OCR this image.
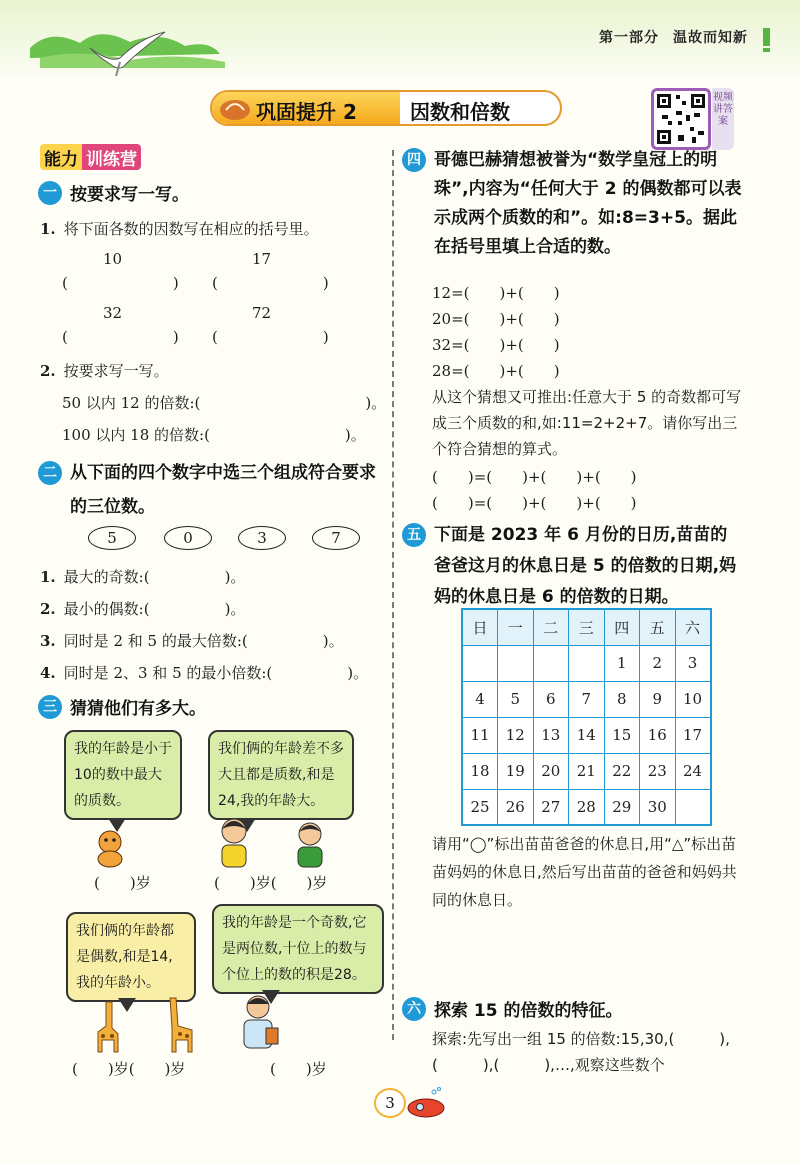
第一部分 温故而知新
巩固提升 2	因数和倍数
视频讲答案
能力 训练营
一 按要求写一写。
1. 将下面各数的因数写在相应的括号里。
10	17
(　　　　　　　) (　　　　　　　)
32	72
(　　　　　　　) (　　　　　　　)
2. 按要求写一写。
50 以内 12 的倍数:(　　　　　　　　　　　)。
100 以内 18 的倍数:(　　　　　　　　　)。
二 从下面的四个数字中选三个组成符合要求的三位数。
5	0	3	7
1. 最大的奇数:(　　　　　)。
2. 最小的偶数:(　　　　　)。
3. 同时是 2 和 5 的最大倍数:(　　　　　)。
4. 同时是 2、3 和 5 的最小倍数:(　　　　　)。
三 猜猜他们有多大。
我的年龄是小于10的数中最大的质数。
(　　)岁
我们俩的年龄差不多大且都是质数,和是24,我的年龄大。
(　　)岁(　　)岁
我们俩的年龄都是偶数,和是14,我的年龄小。
(　　)岁(　　)岁
我的年龄是一个奇数,它是两位数,十位上的数与个位上的数的积是28。
(　　)岁
四 哥德巴赫猜想被誉为“数学皇冠上的明珠”,内容为“任何大于 2 的偶数都可以表示成两个质数的和”。如:8=3+5。据此在括号里填上合适的数。
12=(　　)+(　　)
20=(　　)+(　　)
32=(　　)+(　　)
28=(　　)+(　　)
从这个猜想又可推出:任意大于 5 的奇数都可写成三个质数的和,如:11=2+2+7。请你写出三个符合猜想的算式。
(　　)=(　　)+(　　)+(　　)
(　　)=(　　)+(　　)+(　　)
五 下面是 2023 年 6 月份的日历,苗苗的爸爸这月的休息日是 5 的倍数的日期,妈妈的休息日是 6 的倍数的日期。
日	一	二	三	四	五	六
				1	2	3
4	5	6	7	8	9	10
11	12	13	14	15	16	17
18	19	20	21	22	23	24
25	26	27	28	29	30	
请用“◯”标出苗苗爸爸的休息日,用“△”标出苗苗妈妈的休息日,然后写出苗苗的爸爸和妈妈共同的休息日。
六 探索 15 的倍数的特征。
探索:先写出一组 15 的倍数:15,30,(　　　),(　　　),(　　　),…,观察这些数个
3
